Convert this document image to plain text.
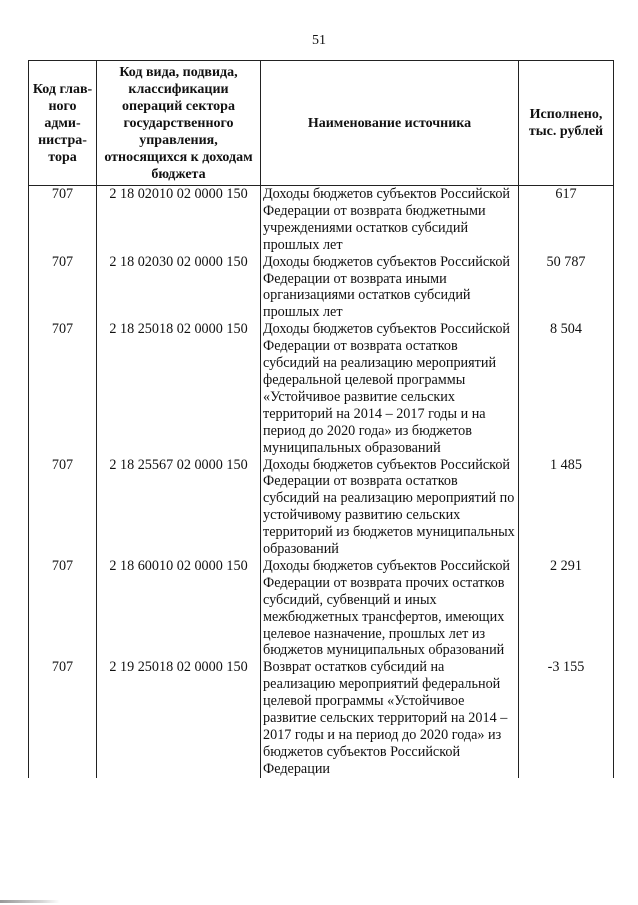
51
Код глав-ного адми-нистра-тора	Код вида, подвида, классификации операций сектора государственного управления, относящихся к доходам бюджета	Наименование источника	Исполнено, тыс. рублей
707	2 18 02010 02 0000 150	Доходы бюджетов субъектов Российской Федерации от возврата бюджетными учреждениями остатков субсидий прошлых лет	617
707	2 18 02030 02 0000 150	Доходы бюджетов субъектов Российской Федерации от возврата иными организациями остатков субсидий прошлых лет	50 787
707	2 18 25018 02 0000 150	Доходы бюджетов субъектов Российской Федерации от возврата остатков субсидий на реализацию мероприятий федеральной целевой программы «Устойчивое развитие сельских территорий на 2014 – 2017 годы и на период до 2020 года» из бюджетов муниципальных образований	8 504
707	2 18 25567 02 0000 150	Доходы бюджетов субъектов Российской Федерации от возврата остатков субсидий на реализацию мероприятий по устойчивому развитию сельских территорий из бюджетов муниципальных образований	1 485
707	2 18 60010 02 0000 150	Доходы бюджетов субъектов Российской Федерации от возврата прочих остатков субсидий, субвенций и иных межбюджетных трансфертов, имеющих целевое назначение, прошлых лет из бюджетов муниципальных образований	2 291
707	2 19 25018 02 0000 150	Возврат остатков субсидий на реализацию мероприятий федеральной целевой программы «Устойчивое развитие сельских территорий на 2014 – 2017 годы и на период до 2020 года» из бюджетов субъектов Российской Федерации	-3 155
